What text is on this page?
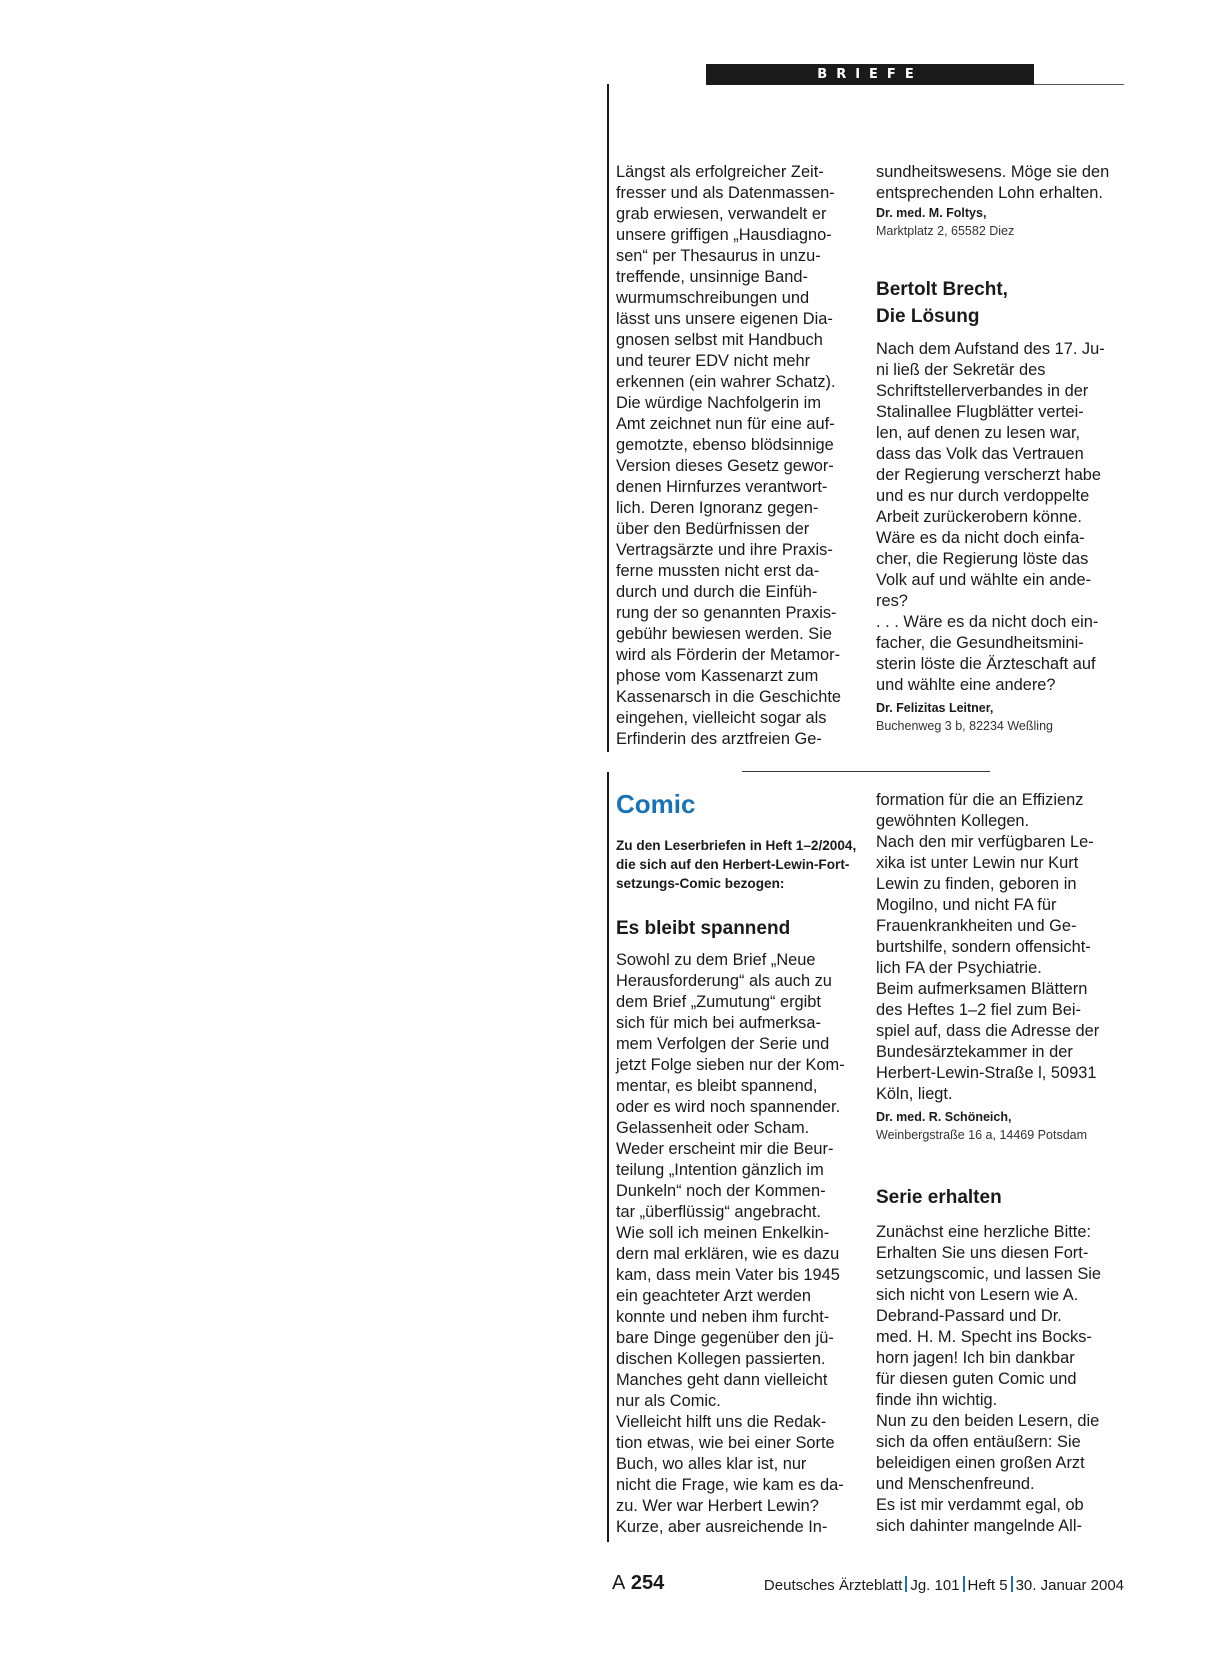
BRIEFE
Längst als erfolgreicher Zeit-
fresser und als Datenmassen-
grab erwiesen, verwandelt er
unsere griffigen „Hausdiagno-
sen“ per Thesaurus in unzu-
treffende, unsinnige Band-
wurmumschreibungen und
lässt uns unsere eigenen Dia-
gnosen selbst mit Handbuch
und teurer EDV nicht mehr
erkennen (ein wahrer Schatz).
Die würdige Nachfolgerin im
Amt zeichnet nun für eine auf-
gemotzte, ebenso blödsinnige
Version dieses Gesetz gewor-
denen Hirnfurzes verantwort-
lich. Deren Ignoranz gegen-
über den Bedürfnissen der
Vertragsärzte und ihre Praxis-
ferne mussten nicht erst da-
durch und durch die Einfüh-
rung der so genannten Praxis-
gebühr bewiesen werden. Sie
wird als Förderin der Metamor-
phose vom Kassenarzt zum
Kassenarsch in die Geschichte
eingehen, vielleicht sogar als
Erfinderin des arztfreien Ge-
sundheitswesens. Möge sie den
entsprechenden Lohn erhalten.

Dr. med. M. Foltys,

Marktplatz 2, 65582 Diez

Bertolt Brecht,
Die Lösung
Nach dem Aufstand des 17. Ju-
ni ließ der Sekretär des
Schriftstellerverbandes in der
Stalinallee Flugblätter vertei-
len, auf denen zu lesen war,
dass das Volk das Vertrauen
der Regierung verscherzt habe
und es nur durch verdoppelte
Arbeit zurückerobern könne.
Wäre es da nicht doch einfa-
cher, die Regierung löste das
Volk auf und wählte ein ande-
res?
. . . Wäre es da nicht doch ein-
facher, die Gesundheitsmini-
sterin löste die Ärzteschaft auf
und wählte eine andere?

Dr. Felizitas Leitner,

Buchenweg 3 b, 82234 Weßling

Comic

Zu den Leserbriefen in Heft 1–2/2004,
die sich auf den Herbert-Lewin-Fort-
setzungs-Comic bezogen:

Es bleibt spannend

Sowohl zu dem Brief „Neue
Herausforderung“ als auch zu
dem Brief „Zumutung“ ergibt
sich für mich bei aufmerksa-
mem Verfolgen der Serie und
jetzt Folge sieben nur der Kom-
mentar, es bleibt spannend,
oder es wird noch spannender.
Gelassenheit oder Scham.
Weder erscheint mir die Beur-
teilung „Intention gänzlich im
Dunkeln“ noch der Kommen-
tar „überflüssig“ angebracht.
Wie soll ich meinen Enkelkin-
dern mal erklären, wie es dazu
kam, dass mein Vater bis 1945
ein geachteter Arzt werden
konnte und neben ihm furcht-
bare Dinge gegenüber den jü-
dischen Kollegen passierten.
Manches geht dann vielleicht
nur als Comic.
Vielleicht hilft uns die Redak-
tion etwas, wie bei einer Sorte
Buch, wo alles klar ist, nur
nicht die Frage, wie kam es da-
zu. Wer war Herbert Lewin?
Kurze, aber ausreichende In-
formation für die an Effizienz
gewöhnten Kollegen.
Nach den mir verfügbaren Le-
xika ist unter Lewin nur Kurt
Lewin zu finden, geboren in
Mogilno, und nicht FA für
Frauenkrankheiten und Ge-
burtshilfe, sondern offensicht-
lich FA der Psychiatrie.
Beim aufmerksamen Blättern
des Heftes 1–2 fiel zum Bei-
spiel auf, dass die Adresse der
Bundesärztekammer in der
Herbert-Lewin-Straße l, 50931
Köln, liegt.

Dr. med. R. Schöneich,

Weinbergstraße 16 a, 14469 Potsdam

Serie erhalten

Zunächst eine herzliche Bitte:
Erhalten Sie uns diesen Fort-
setzungscomic, und lassen Sie
sich nicht von Lesern wie A.
Debrand-Passard und Dr.
med. H. M. Specht ins Bocks-
horn jagen! Ich bin dankbar
für diesen guten Comic und
finde ihn wichtig.
Nun zu den beiden Lesern, die
sich da offen entäußern: Sie
beleidigen einen großen Arzt
und Menschenfreund.
Es ist mir verdammt egal, ob
sich dahinter mangelnde All-
A 254	Deutsches Ärzteblatt Jg. 101 Heft 5 30. Januar 2004
